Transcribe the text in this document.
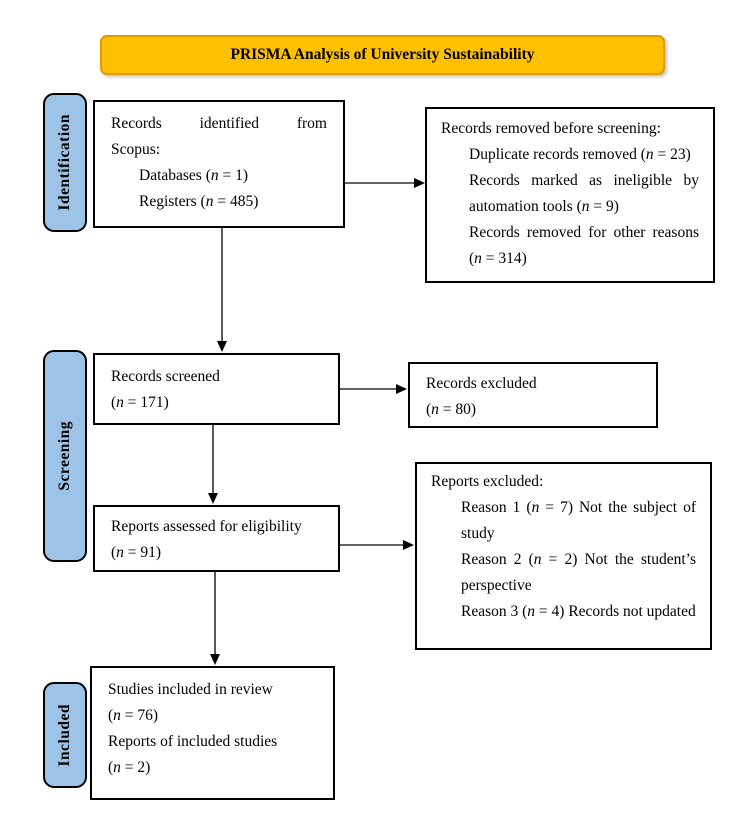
PRISMA Analysis of University Sustainability
Identification
Screening
Included
Records identified from
Scopus:
Databases (n = 1)
Registers (n = 485)
Records removed before screening:
Duplicate records removed (n = 23)
Records marked as ineligible by automation tools (n = 9)
Records removed for other reasons (n = 314)
Records screened
(n = 171)
Records excluded
(n = 80)
Reports assessed for eligibility
(n = 91)
Reports excluded:
Reason 1 (n = 7) Not the subject of study
Reason 2 (n = 2) Not the student’s perspective
Reason 3 (n = 4) Records not updated
Studies included in review
(n = 76)
Reports of included studies
(n = 2)
